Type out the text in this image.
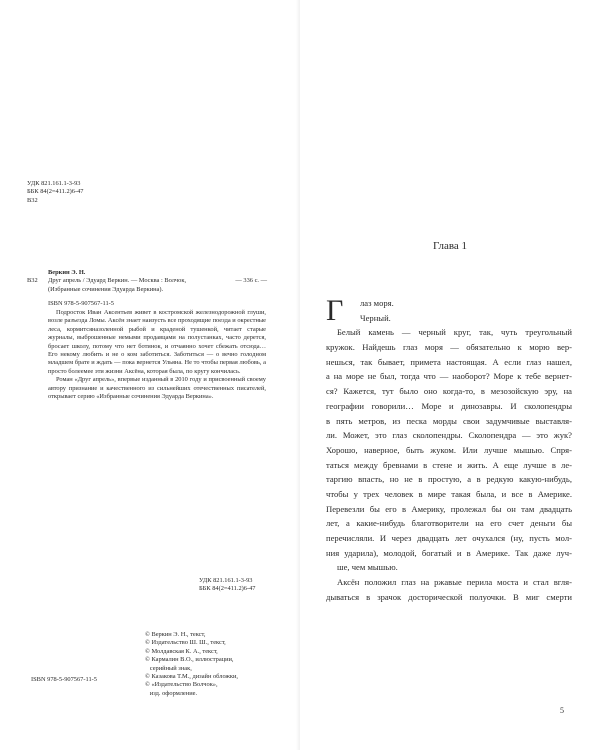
УДК 821.161.1-3-93
ББК 84(2=411.2)6-47
В32
Веркин Э. Н.
В32 Друг апрель / Эдуард Веркин. — Москва : Волчок,	— 336 с. —
(Избранные сочинения Эдуарда Веркина).
ISBN 978-5-907567-11-5

Подросток Иван Аксентьев живет в костромской железнодорожной глуши, возле разъезда Ломы. Аксён знает наизусть все проходящие поезда и окрестные леса, кормитсяназоленной рыбой и краденой тушенкой, читает старые журналы, выброшенные немыми продавцами на полустанках, часто дерется, бросает школу, потому что нет ботинок, и отчаянно хочет сбежать отсюда… Его некому любить и не о ком заботиться. Заботиться — о вечно голодном младшем брате и ждать — пока вернется Ульяна. Не то чтобы первая любовь, а просто болеемее эти жизни Аксёна, которая была, по кругу кончилась.

Роман «Друг апрель», впервые изданный в 2010 году и присвоенный своему автору признание и качественного из сильнейших отечественных писателей, открывает серию «Избранные сочинения Эдуарда Веркина».

УДК 821.161.1-3-93
ББК 84(2=411.2)6-47
© Веркин Э. Н., текст,
© Издательство Ш. Ш., текст,
© Молдавская К. А., текст,
© Кармалин В.О., иллюстрации,
серийный знак,
© Казакова Т.М., дизайн обложки,
© «Издательство Волчок»,
изд. оформление.
ISBN 978-5-907567-11-5
Глава 1
Г	лаз моря.
Черный.
Белый камень — черный круг, так, чуть треугольный
кружок. Найдешь глаз моря — обязательно к морю вер-
нешься, так бывает, примета настоящая. А если глаз нашел,
а на море не был, тогда что — наоборот? Море к тебе вернет-
ся? Кажется, тут было оно когда-то, в мезозойскую эру, на
географии говорили… Море и динозавры. И сколопендры
в пять метров, из песка морды свои задумчивые выставля-
ли. Может, это глаз сколопендры. Сколопендра — это жук?
Хорошо, наверное, быть жуком. Или лучше мышью. Спря-
таться между бревнами в стене и жить. А еще лучше в ле-
таргию впасть, но не в простую, а в редкую какую-нибудь,
чтобы у трех человек в мире такая была, и все в Америке.
Перевезли бы его в Америку, пролежал бы он там двадцать
лет, а какие-нибудь благотворители на его счет деньги бы
перечисляли. И через двадцать лет очухался (ну, пусть мол-
ния ударила), молодой, богатый и в Америке. Так даже луч-
ше, чем мышью.
Аксён положил глаз на ржавые перила моста и стал вгля-
дываться в зрачок досторической полуочки. В миг смерти
5
